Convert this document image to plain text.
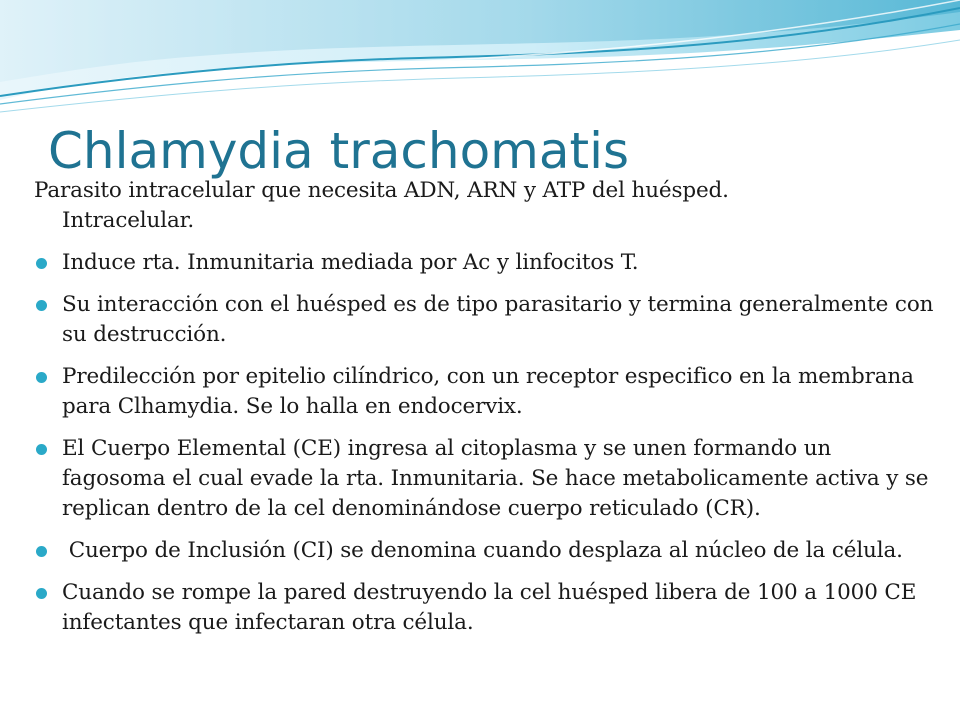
Chlamydia trachomatis
Parasito intracelular que necesita ADN, ARN y ATP del huésped.
Intracelular.
Induce rta. Inmunitaria mediada por Ac y linfocitos T.
Su interacción con el huésped es de tipo parasitario y termina generalmente con su destrucción.
Predilección por epitelio cilíndrico, con un receptor especifico en la membrana para Clhamydia. Se lo halla en endocervix.
El Cuerpo Elemental (CE) ingresa al citoplasma y se unen formando un fagosoma el cual evade la rta. Inmunitaria. Se hace metabolicamente activa y se replican dentro de la cel denominándose cuerpo reticulado (CR).
Cuerpo de Inclusión (CI) se denomina cuando desplaza al núcleo de la célula.
Cuando se rompe la pared destruyendo la cel huésped libera de 100 a 1000 CE infectantes que infectaran otra célula.
